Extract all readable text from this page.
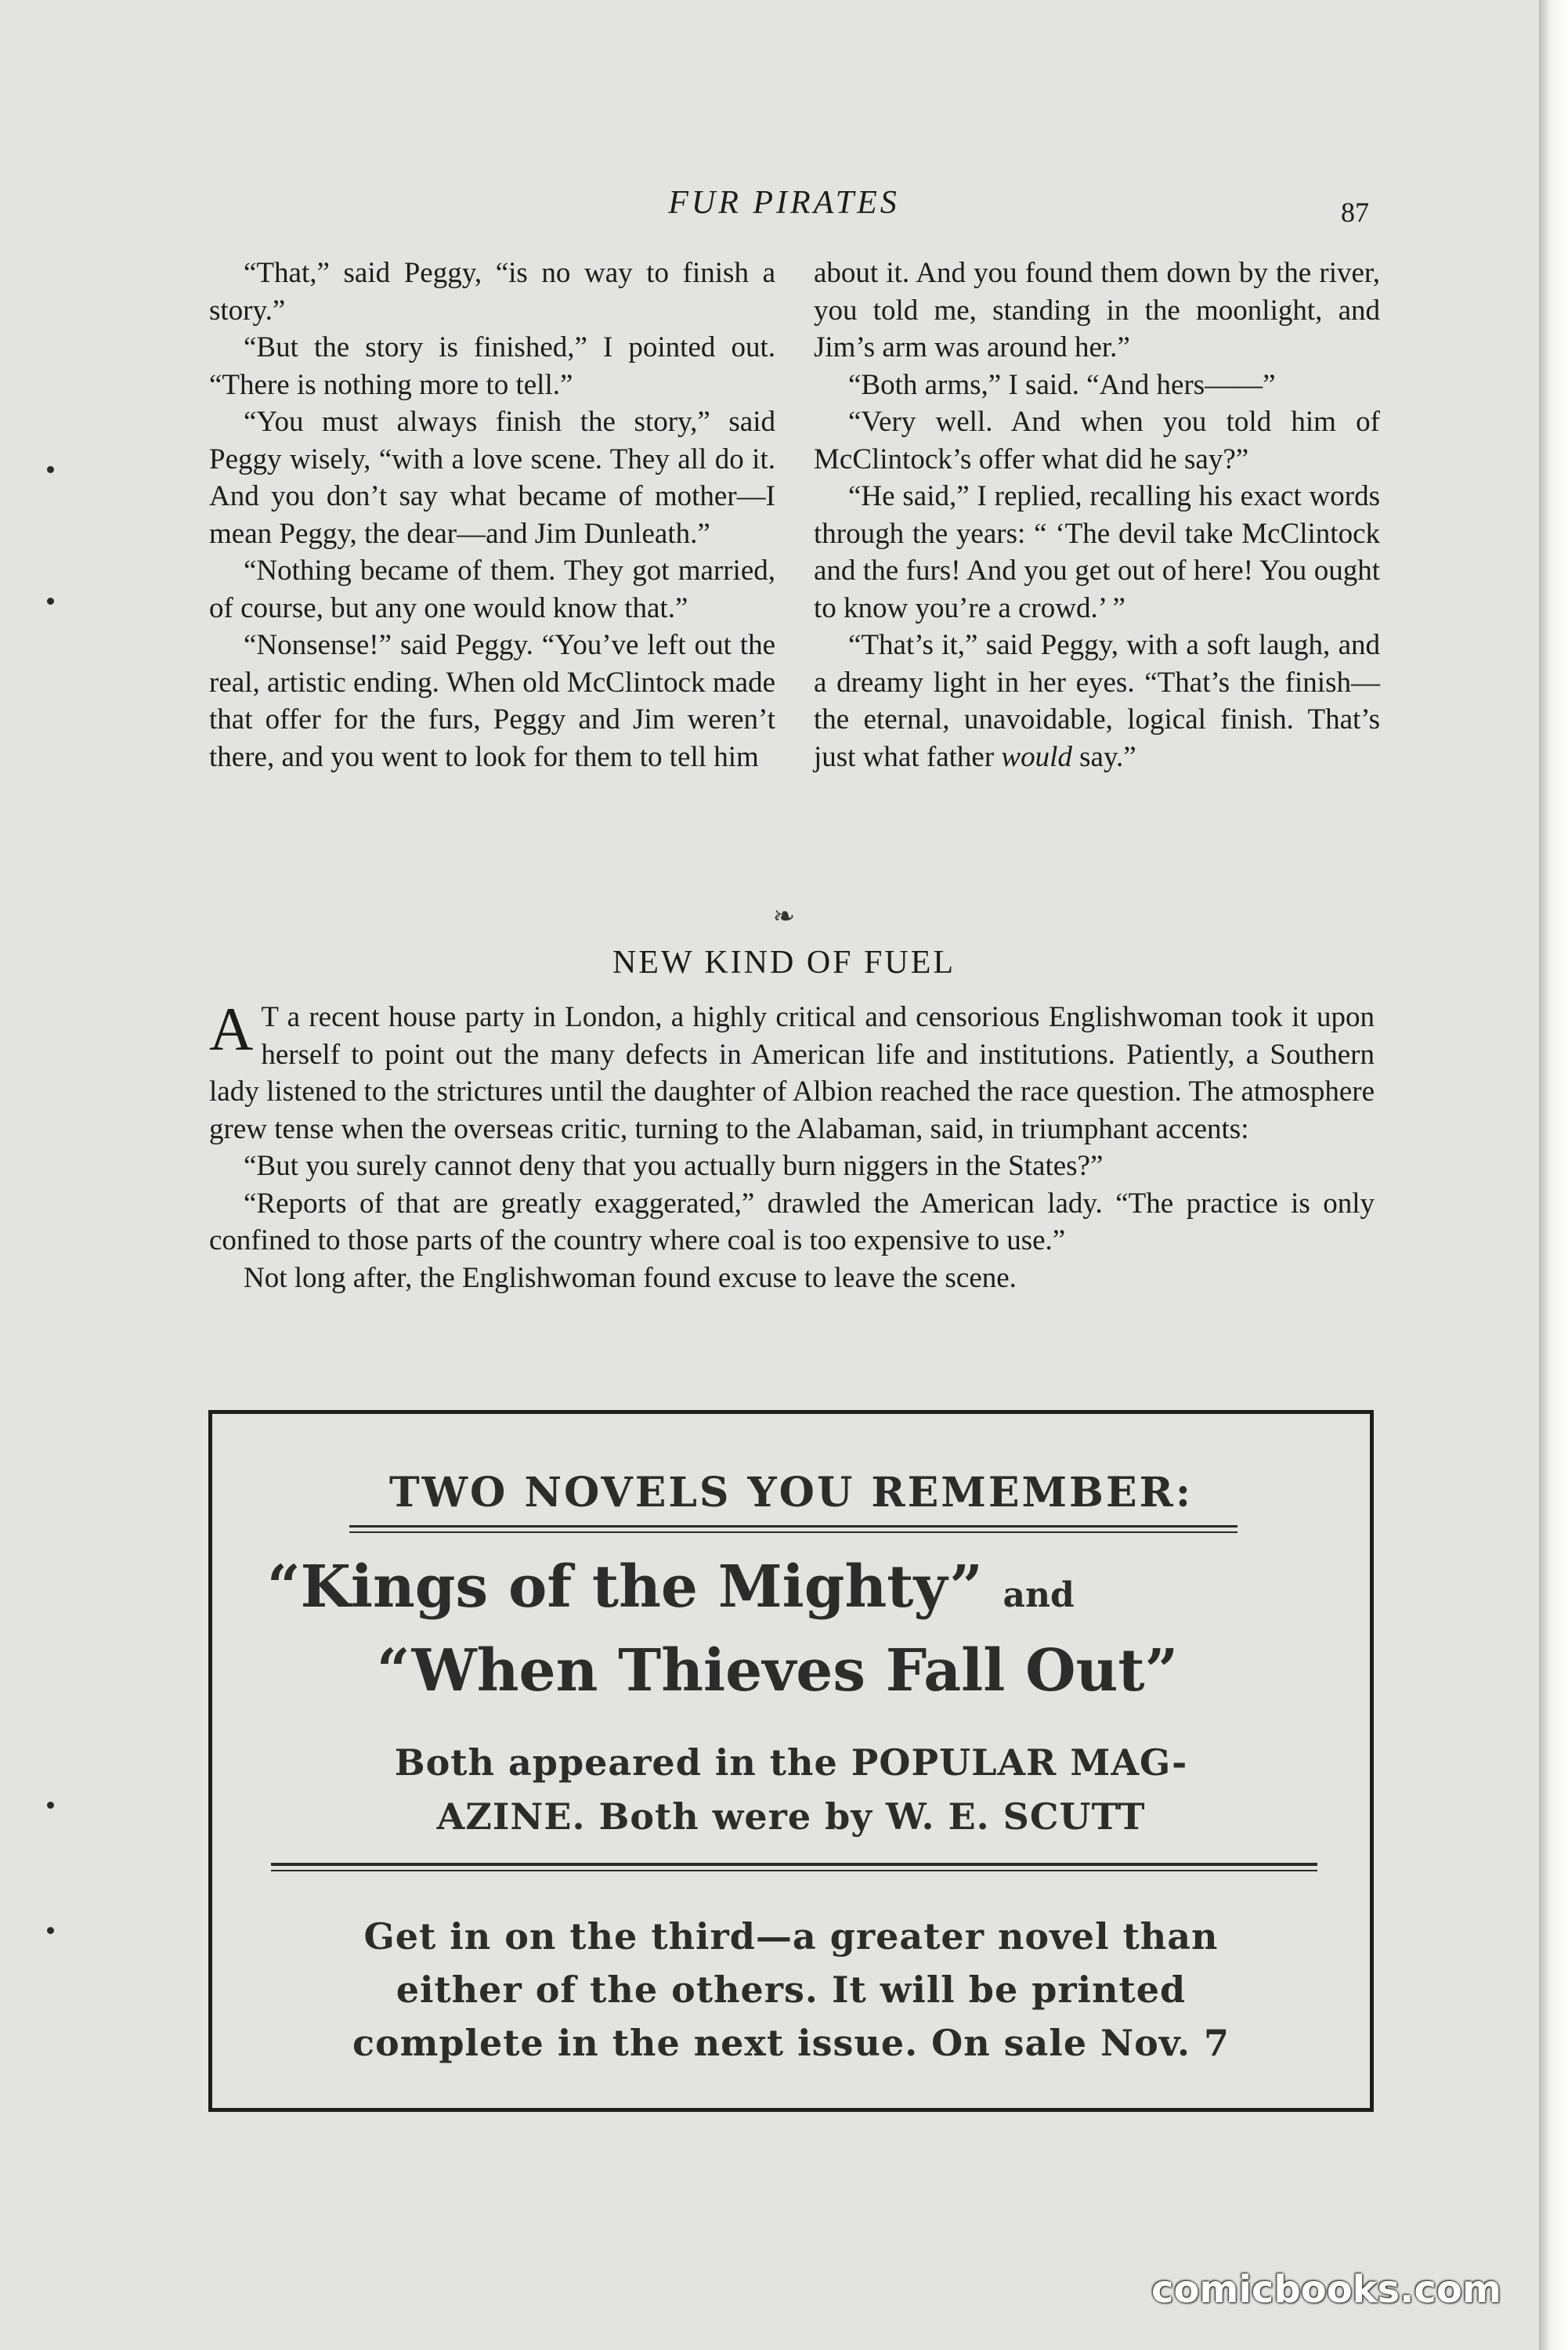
FUR PIRATES	87

“That,” said Peggy, “is no way to finish a story.”

“But the story is finished,” I pointed out. “There is nothing more to tell.”

“You must always finish the story,” said Peggy wisely, “with a love scene. They all do it. And you don’t say what became of mother—I mean Peggy, the dear—and Jim Dunleath.”

“Nothing became of them. They got married, of course, but any one would know that.”

“Nonsense!” said Peggy. “You’ve left out the real, artistic ending. When old McClintock made that offer for the furs, Peggy and Jim weren’t there, and you went to look for them to tell him

about it. And you found them down by the river, you told me, standing in the moonlight, and Jim’s arm was around her.”

“Both arms,” I said. “And hers——”

“Very well. And when you told him of McClintock’s offer what did he say?”

“He said,” I replied, recalling his exact words through the years: “ ‘The devil take McClintock and the furs! And you get out of here! You ought to know you’re a crowd.’ ”

“That’s it,” said Peggy, with a soft laugh, and a dreamy light in her eyes. “That’s the finish—the eternal, unavoidable, logical finish. That’s just what father would say.”

❧
NEW KIND OF FUEL

A T a recent house party in London, a highly critical and censorious Englishwoman took it upon herself to point out the many defects in American life and institutions. Patiently, a Southern lady listened to the strictures until the daughter of Albion reached the race question. The atmosphere grew tense when the overseas critic, turning to the Alabaman, said, in triumphant accents:

“But you surely cannot deny that you actually burn niggers in the States?”

“Reports of that are greatly exaggerated,” drawled the American lady. “The practice is only confined to those parts of the country where coal is too expensive to use.”

Not long after, the Englishwoman found excuse to leave the scene.

TWO NOVELS YOU REMEMBER:
“Kings of the Mighty” and
“When Thieves Fall Out”
Both appeared in the POPULAR MAG-
AZINE. Both were by W. E. SCUTT
Get in on the third—a greater novel than
either of the others. It will be printed
complete in the next issue. On sale Nov. 7
comicbooks.com
